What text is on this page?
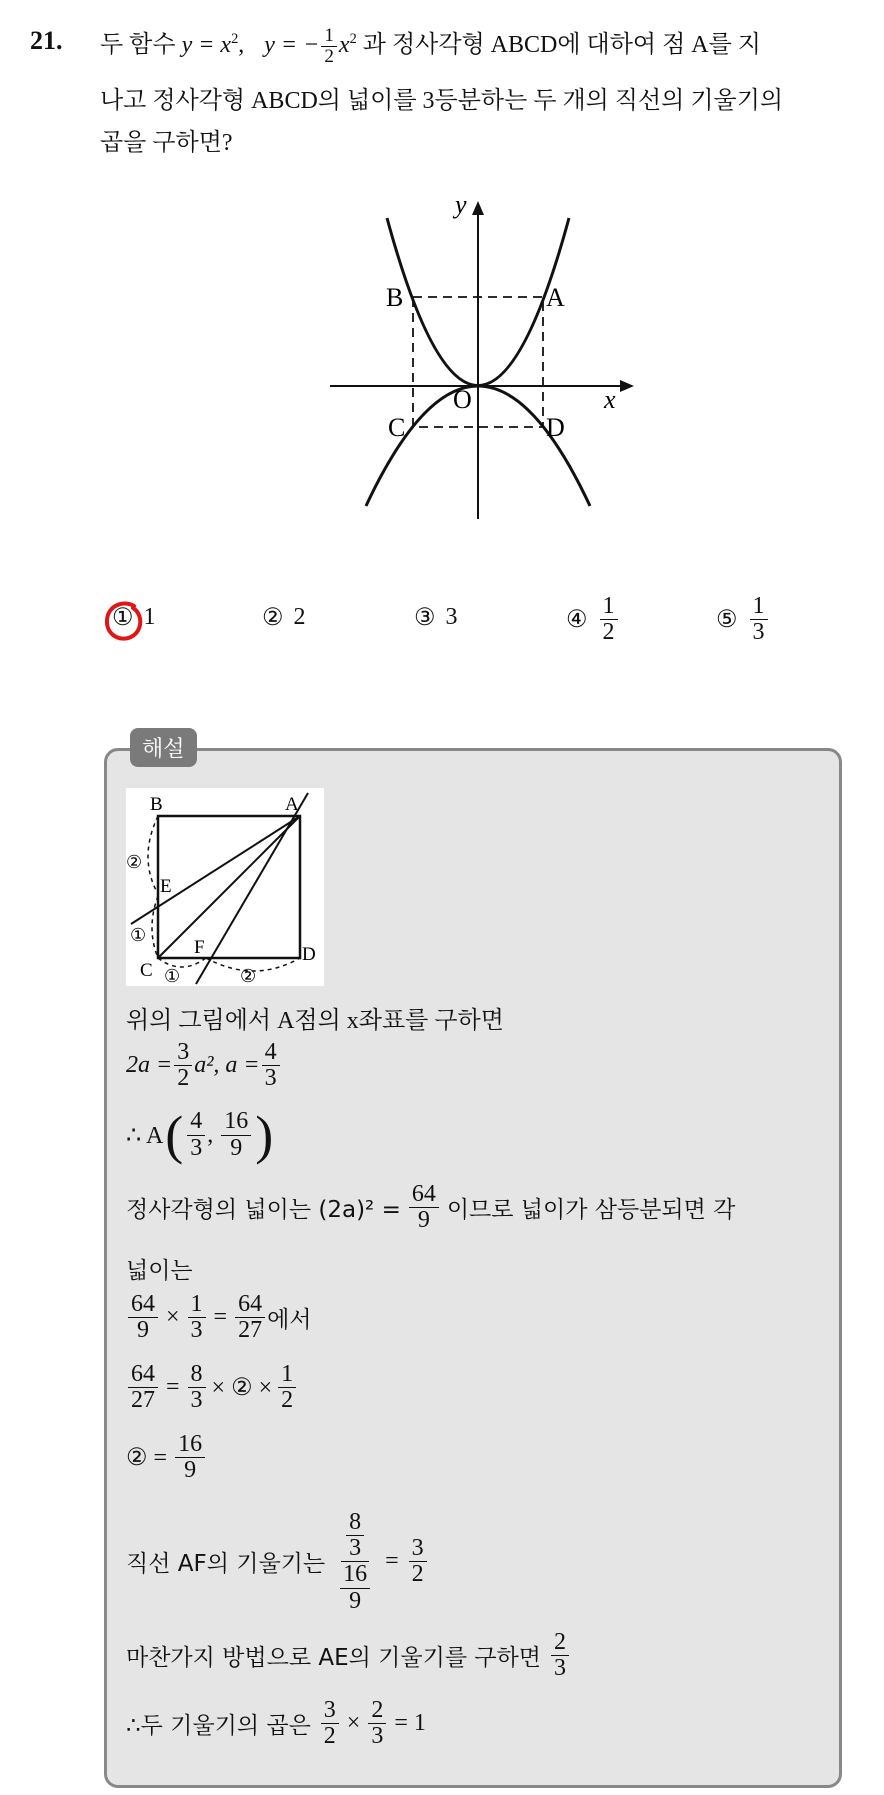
21. 두 함수 $y = x^2$, y = − $\frac{1}{2} x^2$ 과 정사각형 ABCD에 대하여 점 A를 지
나고 정사각형 ABCD의 넓이를 3등분하는 두 개의 직선의 기울기의
곱을 구하면?
y
x
O
A
B
C	D
① 1	② 2	③ 3	④ $\frac{1}{2}$	⑤ $\frac{1}{3}$
해설
B	A
E
F
C
D
②
①
①	②
위의 그림에서 A점의 x좌표를 구하면
$2a = \frac{3}{2} a^2$, $a = \frac{4}{3}$
∴ A ( $\frac{4}{3}$ , $\frac{16}{9}$ )
정사각형의 넓이는 $(2a)^2 = \frac{64}{9}$ 이므로 넓이가 삼등분되면 각
넓이는
$\frac{64}{9} \times \frac{1}{3} = \frac{64}{27}$ 에서
$\frac{64}{27} = \frac{8}{3}$ × ② × $\frac{1}{2}$
② = $\frac{16}{9}$
직선 AF의 기울기는 $\frac{\frac{8}{3}}{\frac{16}{9}} = \frac{3}{2}$
마찬가지 방법으로 AE의 기울기를 구하면 $\frac{2}{3}$
∴두 기울기의 곱은 $\frac{3}{2} \times \frac{2}{3} = 1$
